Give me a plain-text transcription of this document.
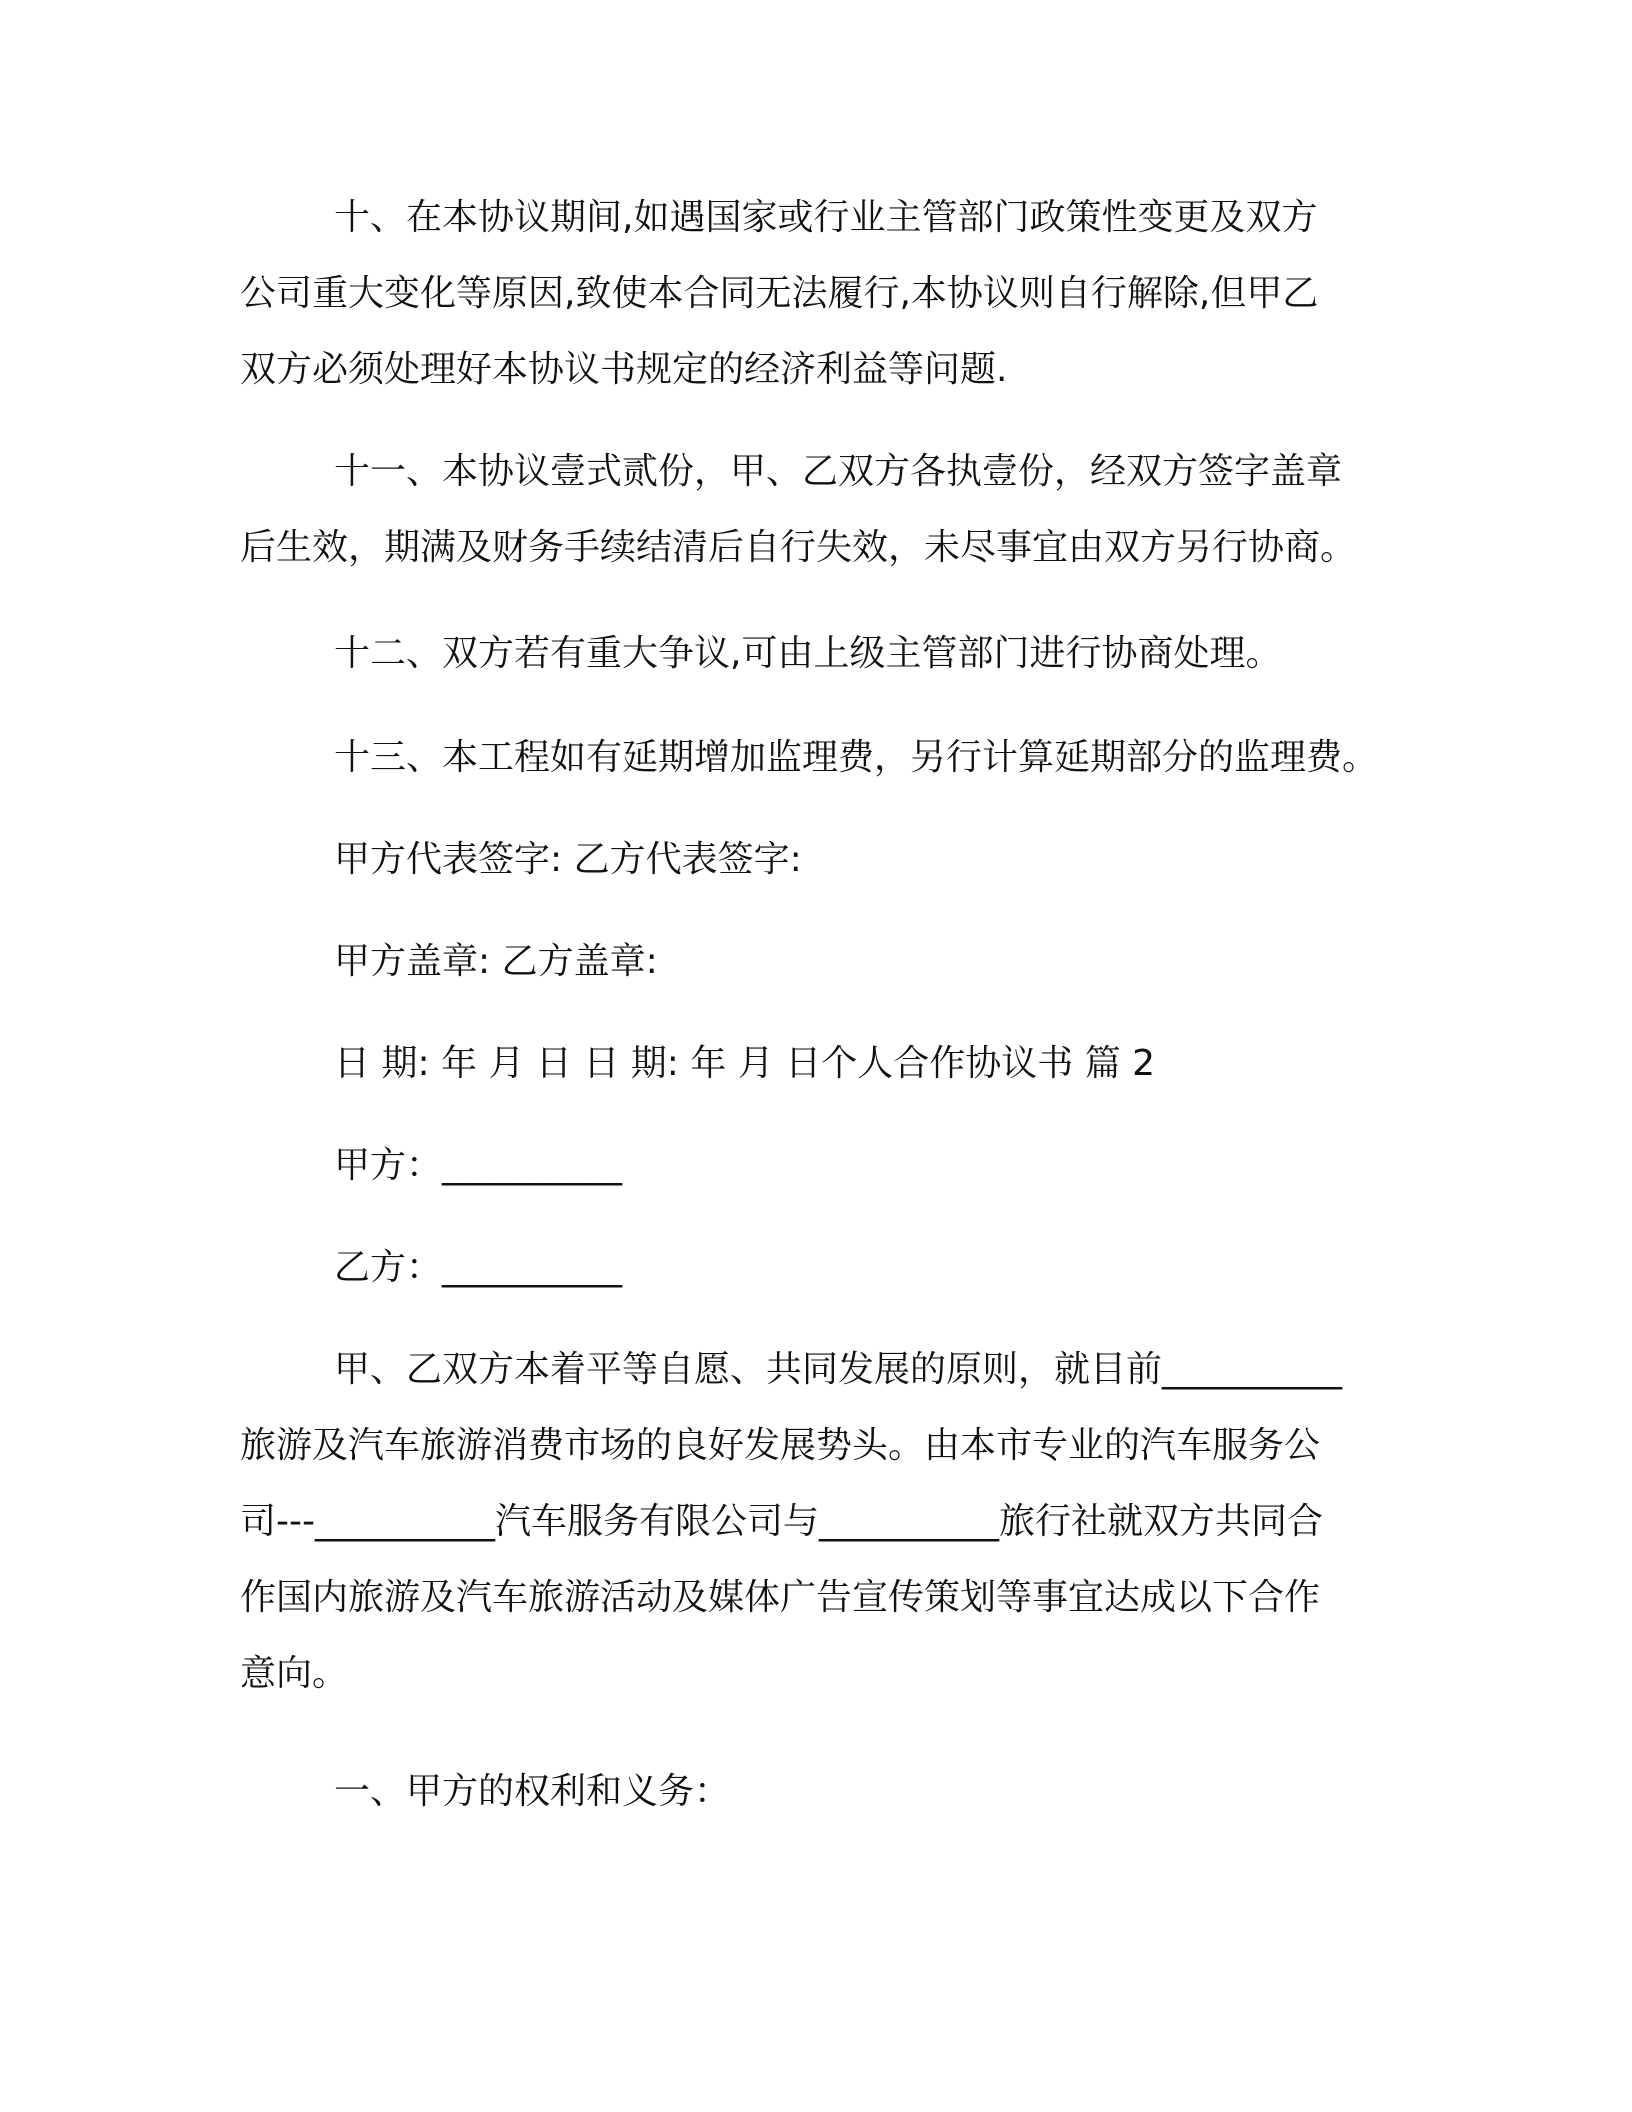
十、在本协议期间,如遇国家或行业主管部门政策性变更及双方
公司重大变化等原因,致使本合同无法履行,本协议则自行解除,但甲乙
双方必须处理好本协议书规定的经济利益等问题.
十一、本协议壹式贰份，甲、乙双方各执壹份，经双方签字盖章
后生效，期满及财务手续结清后自行失效，未尽事宜由双方另行协商。
十二、双方若有重大争议,可由上级主管部门进行协商处理。
十三、本工程如有延期增加监理费，另行计算延期部分的监理费。
甲方代表签字: 乙方代表签字:
甲方盖章: 乙方盖章:
日 期: 年 月 日 日 期: 年 月 日个人合作协议书 篇 2
甲方：__________
乙方：__________
甲、乙双方本着平等自愿、共同发展的原则，就目前__________
旅游及汽车旅游消费市场的良好发展势头。由本市专业的汽车服务公
司---__________汽车服务有限公司与__________旅行社就双方共同合
作国内旅游及汽车旅游活动及媒体广告宣传策划等事宜达成以下合作
意向。
一、甲方的权利和义务：
